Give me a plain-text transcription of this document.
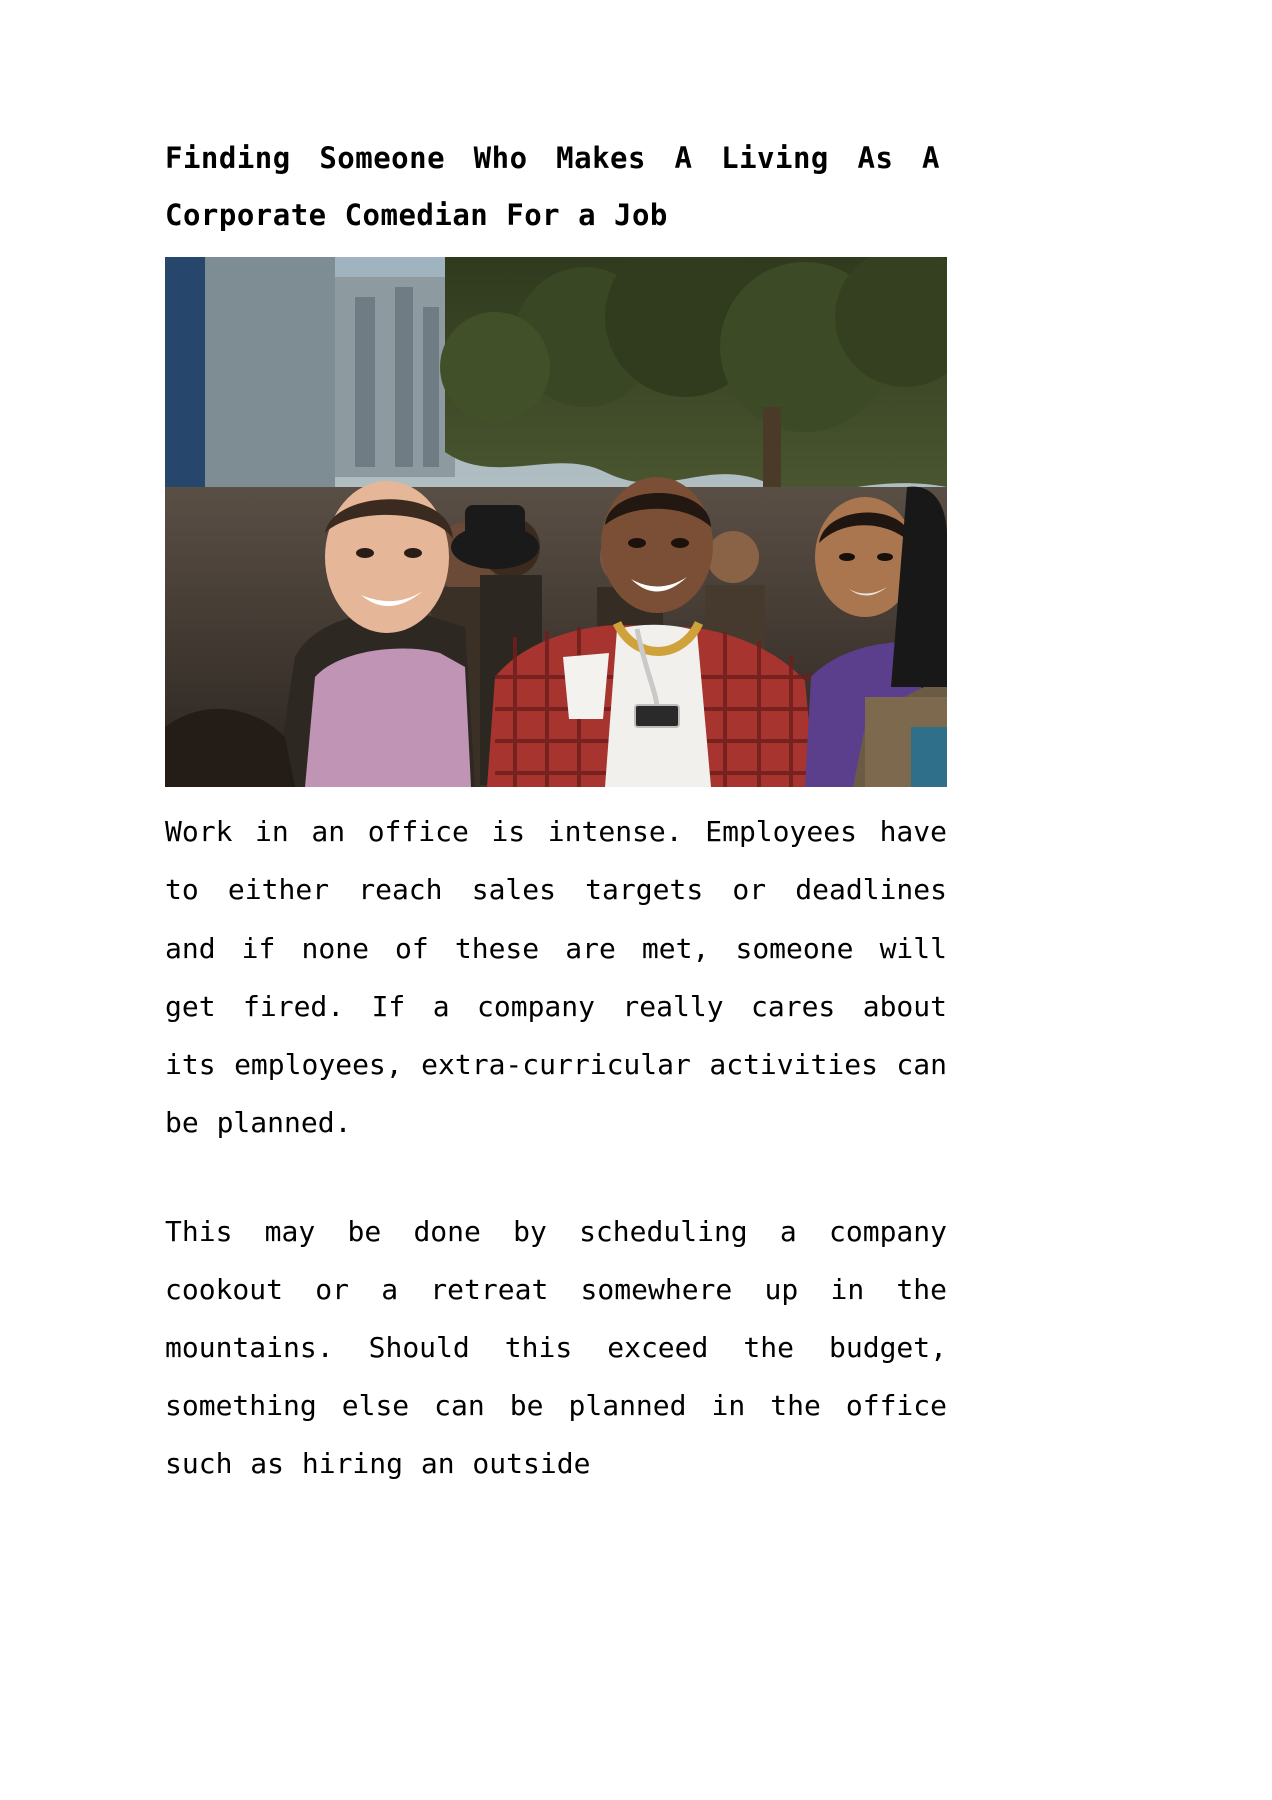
Finding Someone Who Makes A Living As A Corporate Comedian For a Job

Work in an office is intense. Employees have to either reach sales targets or deadlines and if none of these are met, someone will get fired. If a company really cares about its employees, extra-curricular activities can be planned.

This may be done by scheduling a company cookout or a retreat somewhere up in the mountains. Should this exceed the budget, something else can be planned in the office such as hiring an outside
